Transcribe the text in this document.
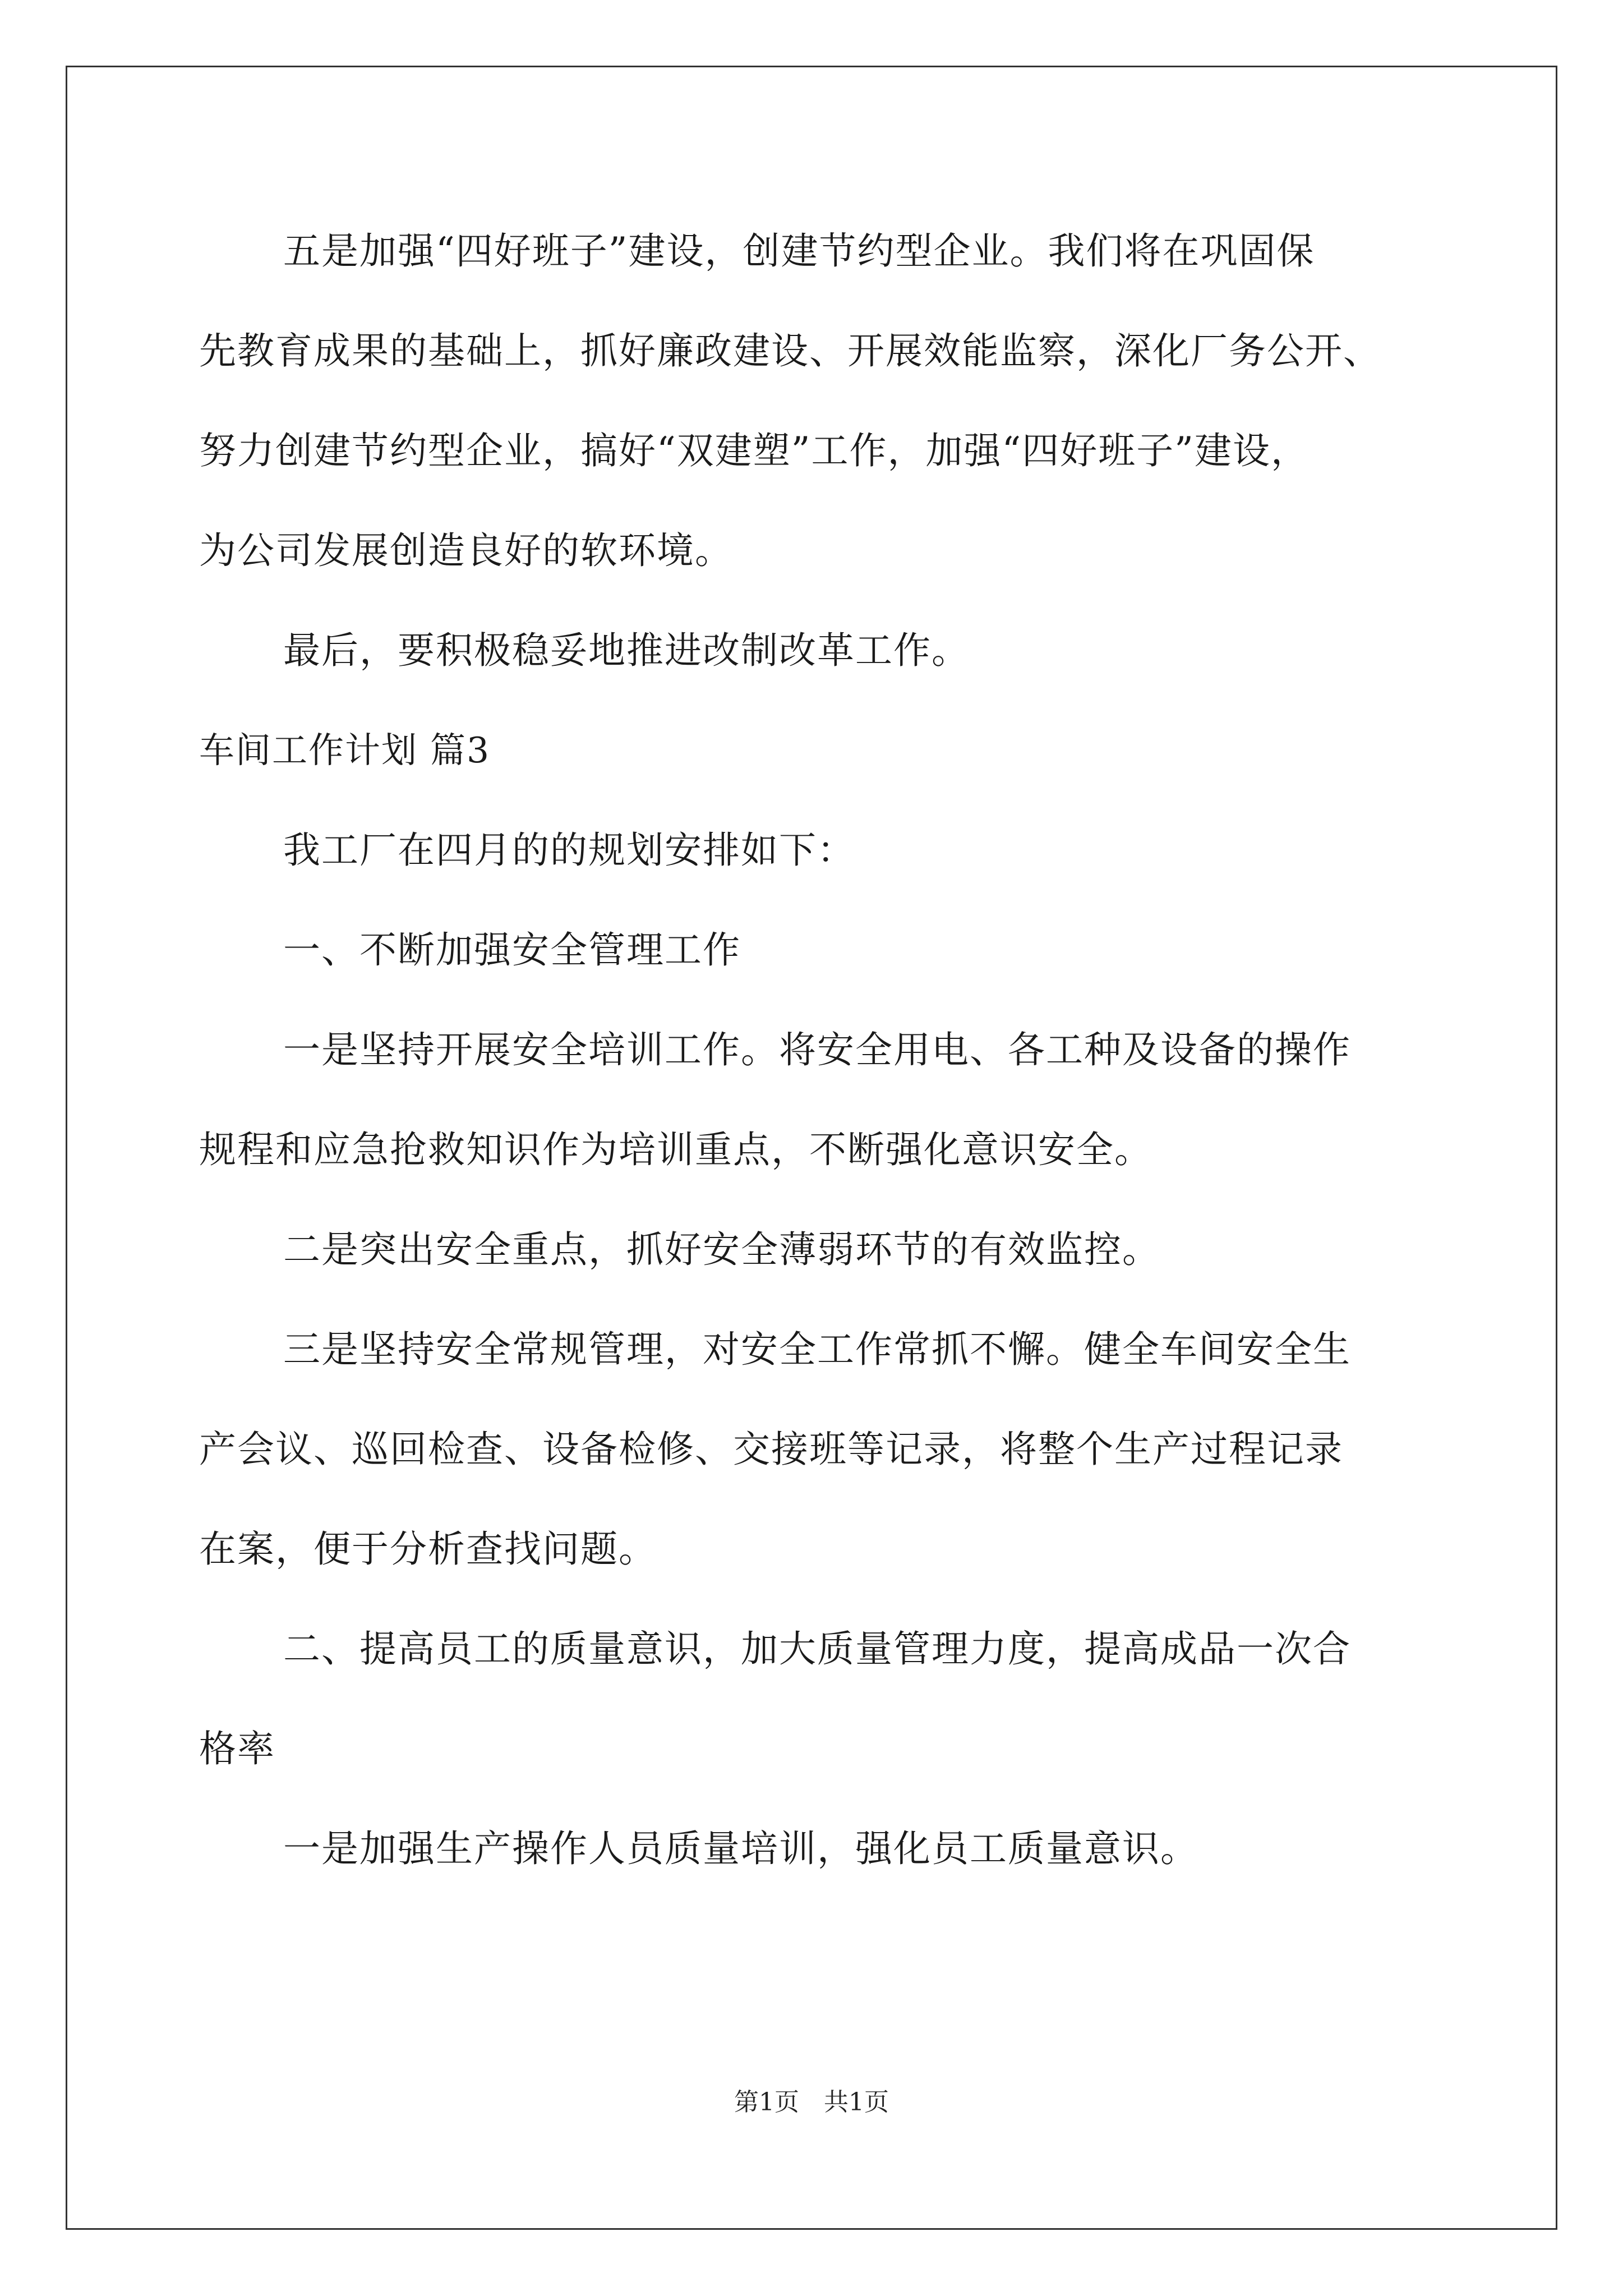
五是加强“四好班子”建设，创建节约型企业。我们将在巩固保
先教育成果的基础上，抓好廉政建设、开展效能监察，深化厂务公开、
努力创建节约型企业，搞好“双建塑”工作，加强“四好班子”建设，
为公司发展创造良好的软环境。
最后，要积极稳妥地推进改制改革工作。
车间工作计划 篇3
我工厂在四月的的规划安排如下：
一、不断加强安全管理工作
一是坚持开展安全培训工作。将安全用电、各工种及设备的操作
规程和应急抢救知识作为培训重点，不断强化意识安全。
二是突出安全重点，抓好安全薄弱环节的有效监控。
三是坚持安全常规管理，对安全工作常抓不懈。健全车间安全生
产会议、巡回检查、设备检修、交接班等记录，将整个生产过程记录
在案，便于分析查找问题。
二、提高员工的质量意识，加大质量管理力度，提高成品一次合
格率
一是加强生产操作人员质量培训，强化员工质量意识。
第1页　共1页
